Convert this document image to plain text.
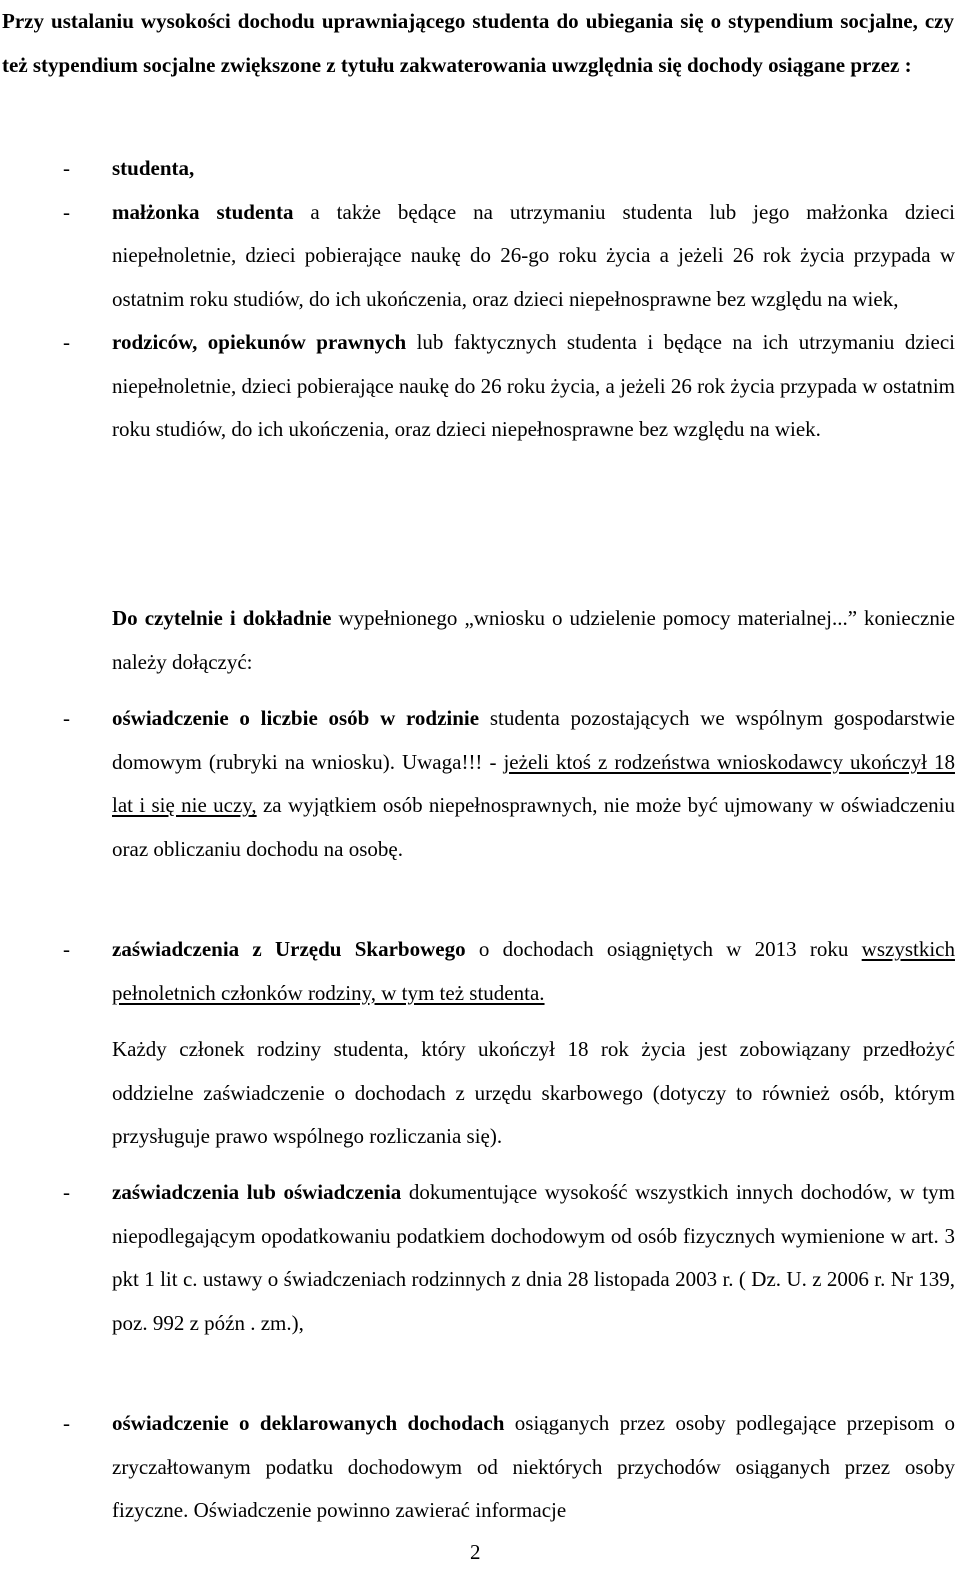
Przy ustalaniu wysokości dochodu uprawniającego studenta do ubiegania się o stypendium socjalne, czy też stypendium socjalne zwiększone z tytułu zakwaterowania uwzględnia się dochody osiągane przez :

- studenta,
- małżonka studenta a także będące na utrzymaniu studenta lub jego małżonka dzieci niepełnoletnie, dzieci pobierające naukę do 26-go roku życia a jeżeli 26 rok życia przypada w ostatnim roku studiów, do ich ukończenia, oraz dzieci niepełnosprawne bez względu na wiek,
- rodziców, opiekunów prawnych lub faktycznych studenta i będące na ich utrzymaniu dzieci niepełnoletnie, dzieci pobierające naukę do 26 roku życia, a jeżeli 26 rok życia przypada w ostatnim roku studiów, do ich ukończenia, oraz dzieci niepełnosprawne bez względu na wiek.

Do czytelnie i dokładnie wypełnionego „wniosku o udzielenie pomocy materialnej...” koniecznie należy dołączyć:

- oświadczenie o liczbie osób w rodzinie studenta pozostających we wspólnym gospodarstwie domowym (rubryki na wniosku). Uwaga!!! - jeżeli ktoś z rodzeństwa wnioskodawcy ukończył 18 lat i się nie uczy, za wyjątkiem osób niepełnosprawnych, nie może być ujmowany w oświadczeniu oraz obliczaniu dochodu na osobę.
- zaświadczenia z Urzędu Skarbowego o dochodach osiągniętych w 2013 roku wszystkich pełnoletnich członków rodziny, w tym też studenta.

Każdy członek rodziny studenta, który ukończył 18 rok życia jest zobowiązany przedłożyć oddzielne zaświadczenie o dochodach z urzędu skarbowego (dotyczy to również osób, którym przysługuje prawo wspólnego rozliczania się).

- zaświadczenia lub oświadczenia dokumentujące wysokość wszystkich innych dochodów, w tym niepodlegającym opodatkowaniu podatkiem dochodowym od osób fizycznych wymienione w art. 3 pkt 1 lit c. ustawy o świadczeniach rodzinnych z dnia 28 listopada 2003 r. ( Dz. U. z 2006 r. Nr 139, poz. 992 z późn . zm.),
- oświadczenie o deklarowanych dochodach osiąganych przez osoby podlegające przepisom o zryczałtowanym podatku dochodowym od niektórych przychodów osiąganych przez osoby fizyczne. Oświadczenie powinno zawierać informacje
2
